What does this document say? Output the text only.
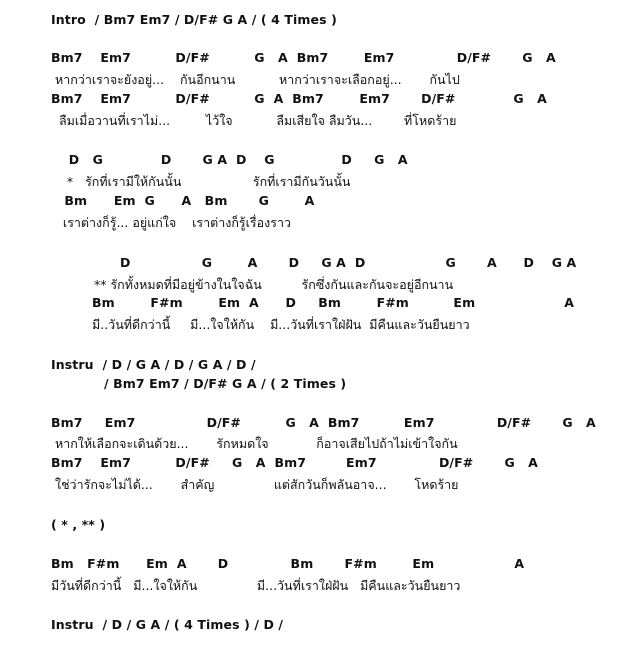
Intro  / Bm7 Em7 / D/F# G A / ( 4 Times )
Bm7    Em7          D/F#          G   A  Bm7        Em7              D/F#       G   A
หากว่าเราจะยังอยู่...    กันอีกนาน           หากว่าเราจะเลือกอยู่...       กันไป
Bm7    Em7          D/F#          G  A  Bm7        Em7       D/F#             G   A
ลืมเมื่อวานที่เราไม่...         ไว้ใจ           ลืมเสียใจ ลืมวัน...        ที่โหดร้าย
D   G             D       G A  D    G               D     G   A
*   รักที่เรามีให้กันนั้น                  รักที่เรามีกันวันนั้น
Bm      Em  G      A   Bm       G        A
เราต่างก็รู้... อยู่แก่ใจ    เราต่างก็รู้เรื่องราว
D                G        A       D     G A  D                  G       A      D    G A
** รักทั้งหมดที่มีอยู่ข้างในใจฉัน          รักซึ่งกันและกันจะอยู่อีกนาน
Bm        F#m        Em  A      D     Bm        F#m          Em                    A
มี..วันที่ดีกว่านี้     มี...ใจให้กัน    มี...วันที่เราใฝ่ฝัน  มีคืนและวันยืนยาว
Instru  / D / G A / D / G A / D /
/ Bm7 Em7 / D/F# G A / ( 2 Times )
Bm7     Em7                D/F#          G   A  Bm7          Em7              D/F#       G   A
หากให้เลือกจะเดินด้วย...       รักหมดใจ            ก็อาจเสียไปถ้าไม่เข้าใจกัน
Bm7    Em7          D/F#     G   A  Bm7         Em7              D/F#       G   A
ใช่ว่ารักจะไม่ได้...       สำคัญ               แต่สักวันก็พลันอาจ...       โหดร้าย
( * , ** )
Bm   F#m      Em  A       D              Bm       F#m        Em                  A
มีวันที่ดีกว่านี้   มี...ใจให้กัน               มี...วันที่เราใฝ่ฝัน   มีคืนและวันยืนยาว
Instru  / D / G A / ( 4 Times ) / D /
